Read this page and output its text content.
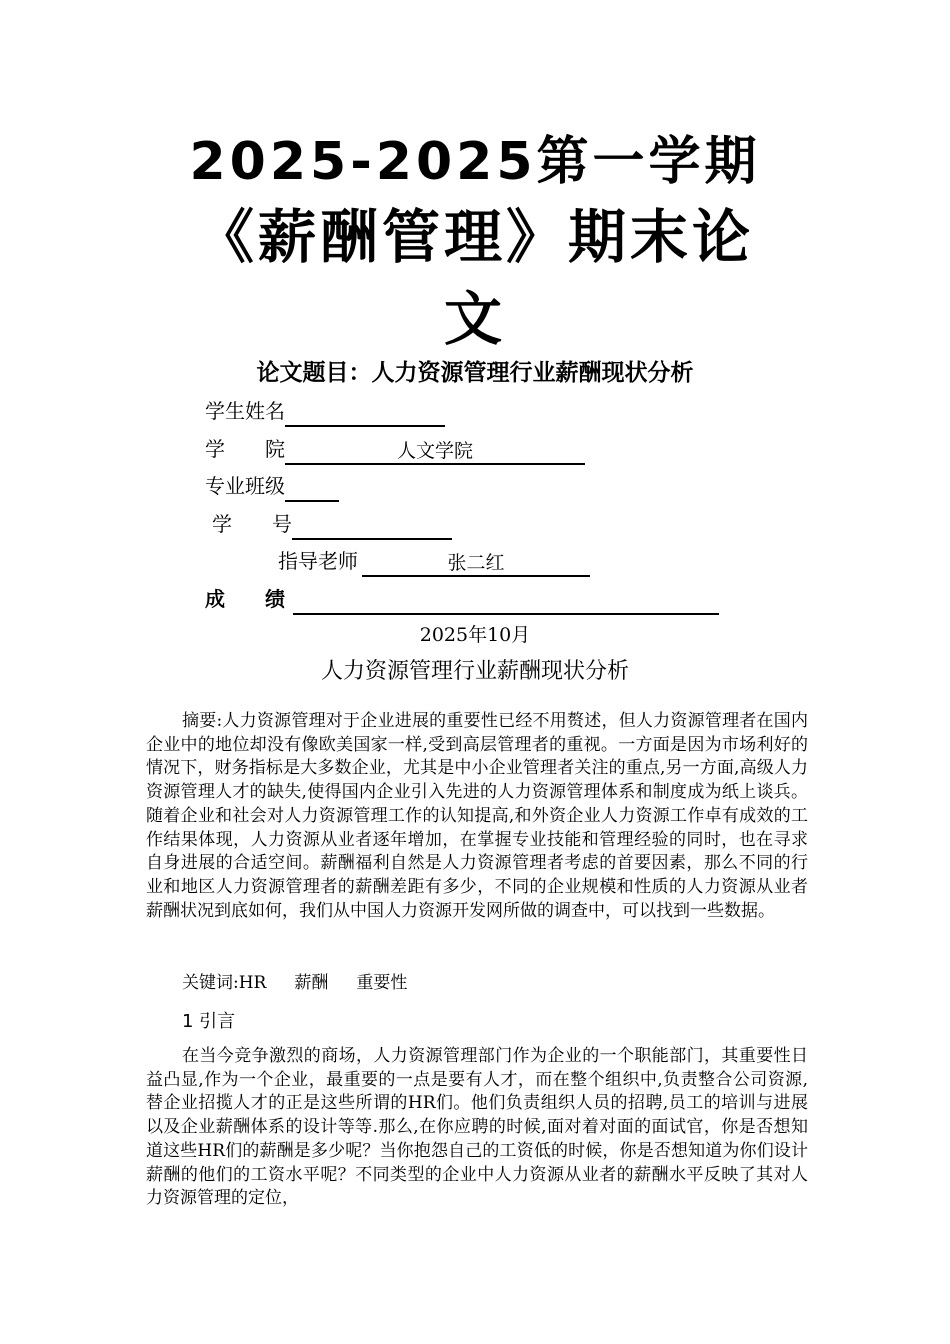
2025-2025第一学期
《薪酬管理》期末论
文
论文题目：人力资源管理行业薪酬现状分析
学生姓名
学　　院	人文学院
专业班级
学　　号
指导老师	张二红
成　　绩
2025年10月
人力资源管理行业薪酬现状分析

摘要:人力资源管理对于企业进展的重要性已经不用赘述，但人力资源管理者在国内企业中的地位却没有像欧美国家一样,受到高层管理者的重视。一方面是因为市场利好的情况下，财务指标是大多数企业，尤其是中小企业管理者关注的重点,另一方面,高级人力资源管理人才的缺失,使得国内企业引入先进的人力资源管理体系和制度成为纸上谈兵。随着企业和社会对人力资源管理工作的认知提高,和外资企业人力资源工作卓有成效的工作结果体现，人力资源从业者逐年增加，在掌握专业技能和管理经验的同时，也在寻求自身进展的合适空间。薪酬福利自然是人力资源管理者考虑的首要因素，那么不同的行业和地区人力资源管理者的薪酬差距有多少，不同的企业规模和性质的人力资源从业者薪酬状况到底如何，我们从中国人力资源开发网所做的调查中，可以找到一些数据。

关键词:HR 薪酬 重要性
1 引言

在当今竞争激烈的商场，人力资源管理部门作为企业的一个职能部门，其重要性日益凸显,作为一个企业，最重要的一点是要有人才，而在整个组织中,负责整合公司资源,替企业招揽人才的正是这些所谓的HR们。他们负责组织人员的招聘,员工的培训与进展以及企业薪酬体系的设计等等.那么,在你应聘的时候,面对着对面的面试官，你是否想知道这些HR们的薪酬是多少呢？当你抱怨自己的工资低的时候，你是否想知道为你们设计薪酬的他们的工资水平呢？不同类型的企业中人力资源从业者的薪酬水平反映了其对人力资源管理的定位，
